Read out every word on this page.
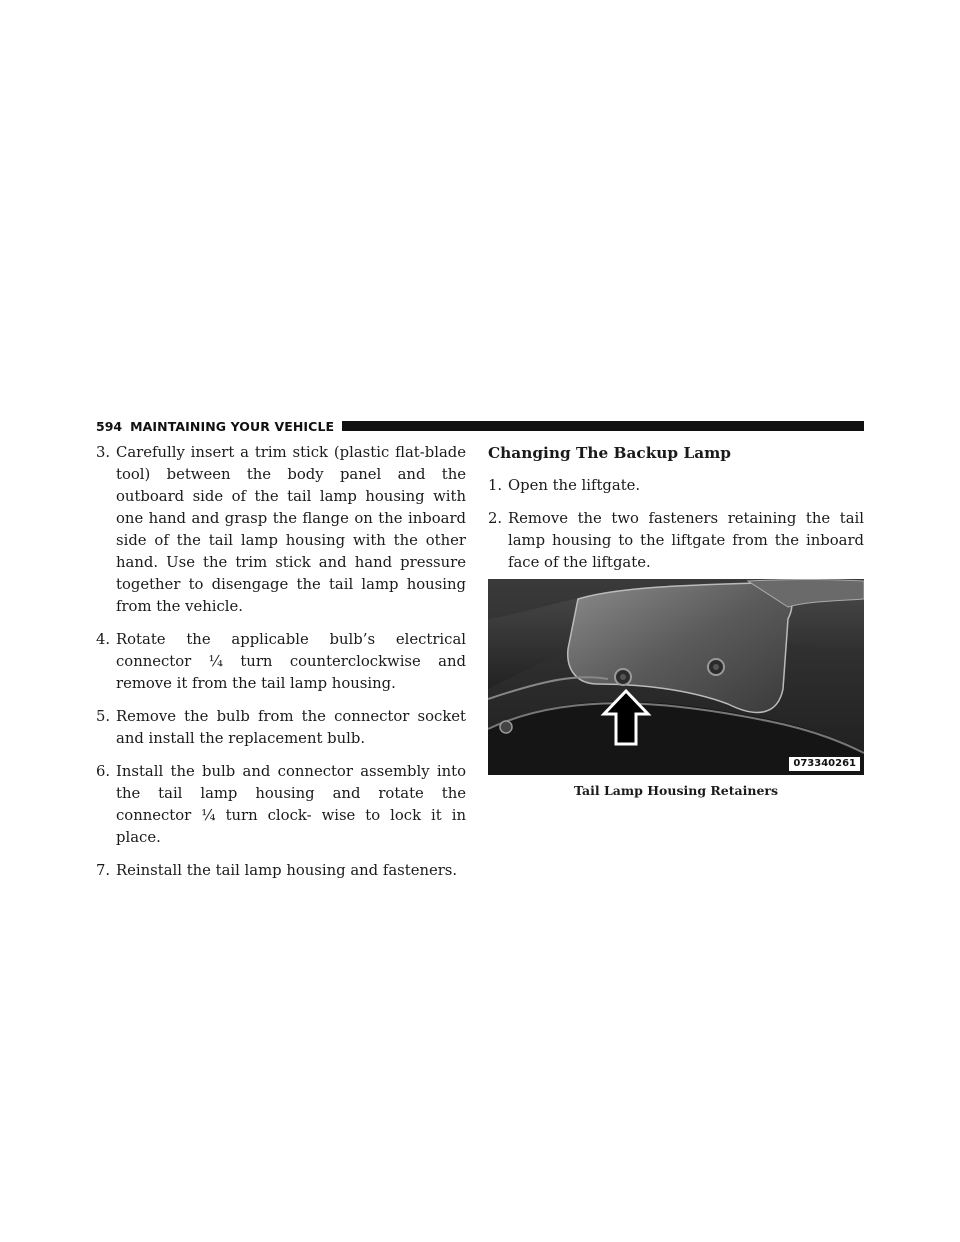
594 MAINTAINING YOUR VEHICLE

3. Carefully insert a trim stick (plastic flat-blade tool) between the body panel and the outboard side of the tail lamp housing with one hand and grasp the flange on the inboard side of the tail lamp housing with the other hand. Use the trim stick and hand pressure together to disengage the tail lamp housing from the vehicle.

4. Rotate the applicable bulb’s electrical connector ¼ turn counterclockwise and remove it from the tail lamp housing.

5. Remove the bulb from the connector socket and install the replacement bulb.

6. Install the bulb and connector assembly into the tail lamp housing and rotate the connector ¼ turn clock- wise to lock it in place.

7. Reinstall the tail lamp housing and fasteners.

Changing The Backup Lamp

1. Open the liftgate.

2. Remove the two fasteners retaining the tail lamp housing to the liftgate from the inboard face of the liftgate.

073340261
Tail Lamp Housing Retainers
